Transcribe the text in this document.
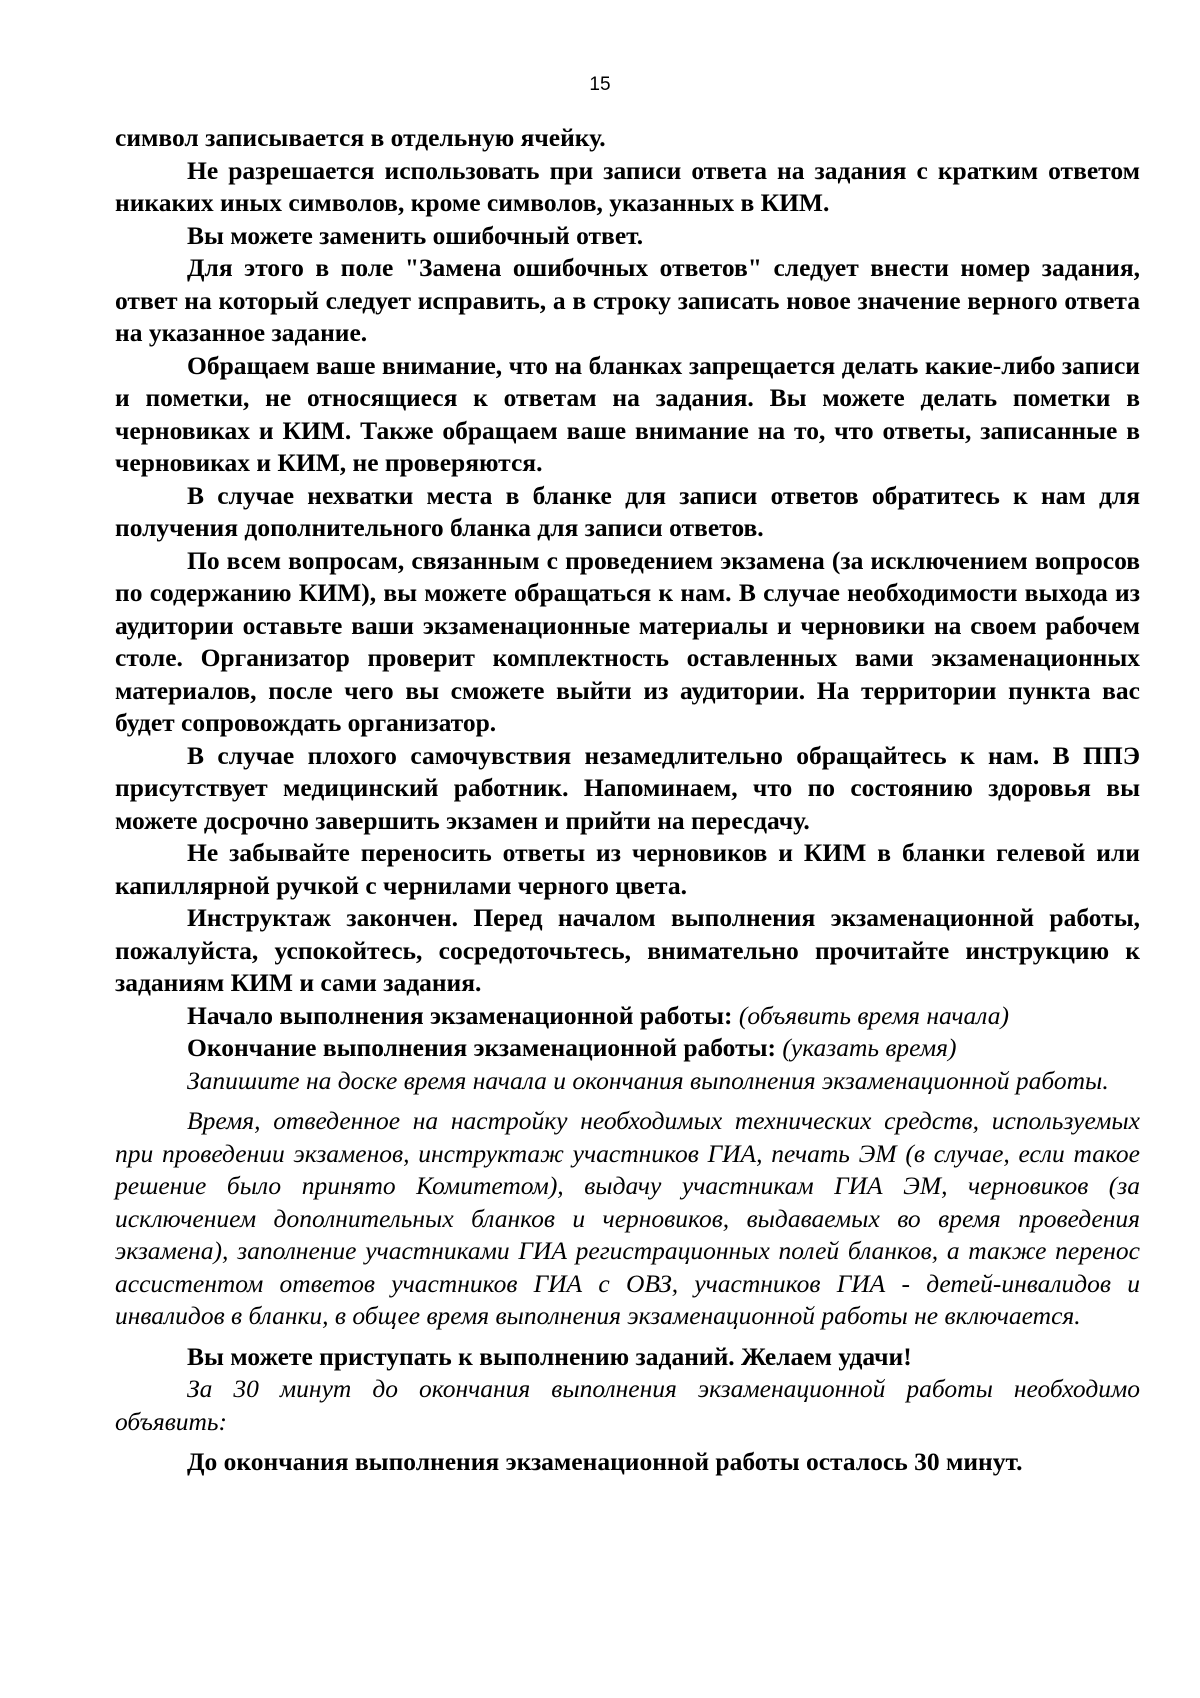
15

символ записывается в отдельную ячейку.

Не разрешается использовать при записи ответа на задания с кратким ответом никаких иных символов, кроме символов, указанных в КИМ.

Вы можете заменить ошибочный ответ.

Для этого в поле "Замена ошибочных ответов" следует внести номер задания, ответ на который следует исправить, а в строку записать новое значение верного ответа на указанное задание.

Обращаем ваше внимание, что на бланках запрещается делать какие-либо записи и пометки, не относящиеся к ответам на задания. Вы можете делать пометки в черновиках и КИМ. Также обращаем ваше внимание на то, что ответы, записанные в черновиках и КИМ, не проверяются.

В случае нехватки места в бланке для записи ответов обратитесь к нам для получения дополнительного бланка для записи ответов.

По всем вопросам, связанным с проведением экзамена (за исключением вопросов по содержанию КИМ), вы можете обращаться к нам. В случае необходимости выхода из аудитории оставьте ваши экзаменационные материалы и черновики на своем рабочем столе. Организатор проверит комплектность оставленных вами экзаменационных материалов, после чего вы сможете выйти из аудитории. На территории пункта вас будет сопровождать организатор.

В случае плохого самочувствия незамедлительно обращайтесь к нам. В ППЭ присутствует медицинский работник. Напоминаем, что по состоянию здоровья вы можете досрочно завершить экзамен и прийти на пересдачу.

Не забывайте переносить ответы из черновиков и КИМ в бланки гелевой или капиллярной ручкой с чернилами черного цвета.

Инструктаж закончен. Перед началом выполнения экзаменационной работы, пожалуйста, успокойтесь, сосредоточьтесь, внимательно прочитайте инструкцию к заданиям КИМ и сами задания.

Начало выполнения экзаменационной работы: (объявить время начала)

Окончание выполнения экзаменационной работы: (указать время)

Запишите на доске время начала и окончания выполнения экзаменационной работы.

Время, отведенное на настройку необходимых технических средств, используемых при проведении экзаменов, инструктаж участников ГИА, печать ЭМ (в случае, если такое решение было принято Комитетом), выдачу участникам ГИА ЭМ, черновиков (за исключением дополнительных бланков и черновиков, выдаваемых во время проведения экзамена), заполнение участниками ГИА регистрационных полей бланков, а также перенос ассистентом ответов участников ГИА с ОВЗ, участников ГИА - детей-инвалидов и инвалидов в бланки, в общее время выполнения экзаменационной работы не включается.

Вы можете приступать к выполнению заданий. Желаем удачи!

За 30 минут до окончания выполнения экзаменационной работы необходимо объявить:

До окончания выполнения экзаменационной работы осталось 30 минут.
